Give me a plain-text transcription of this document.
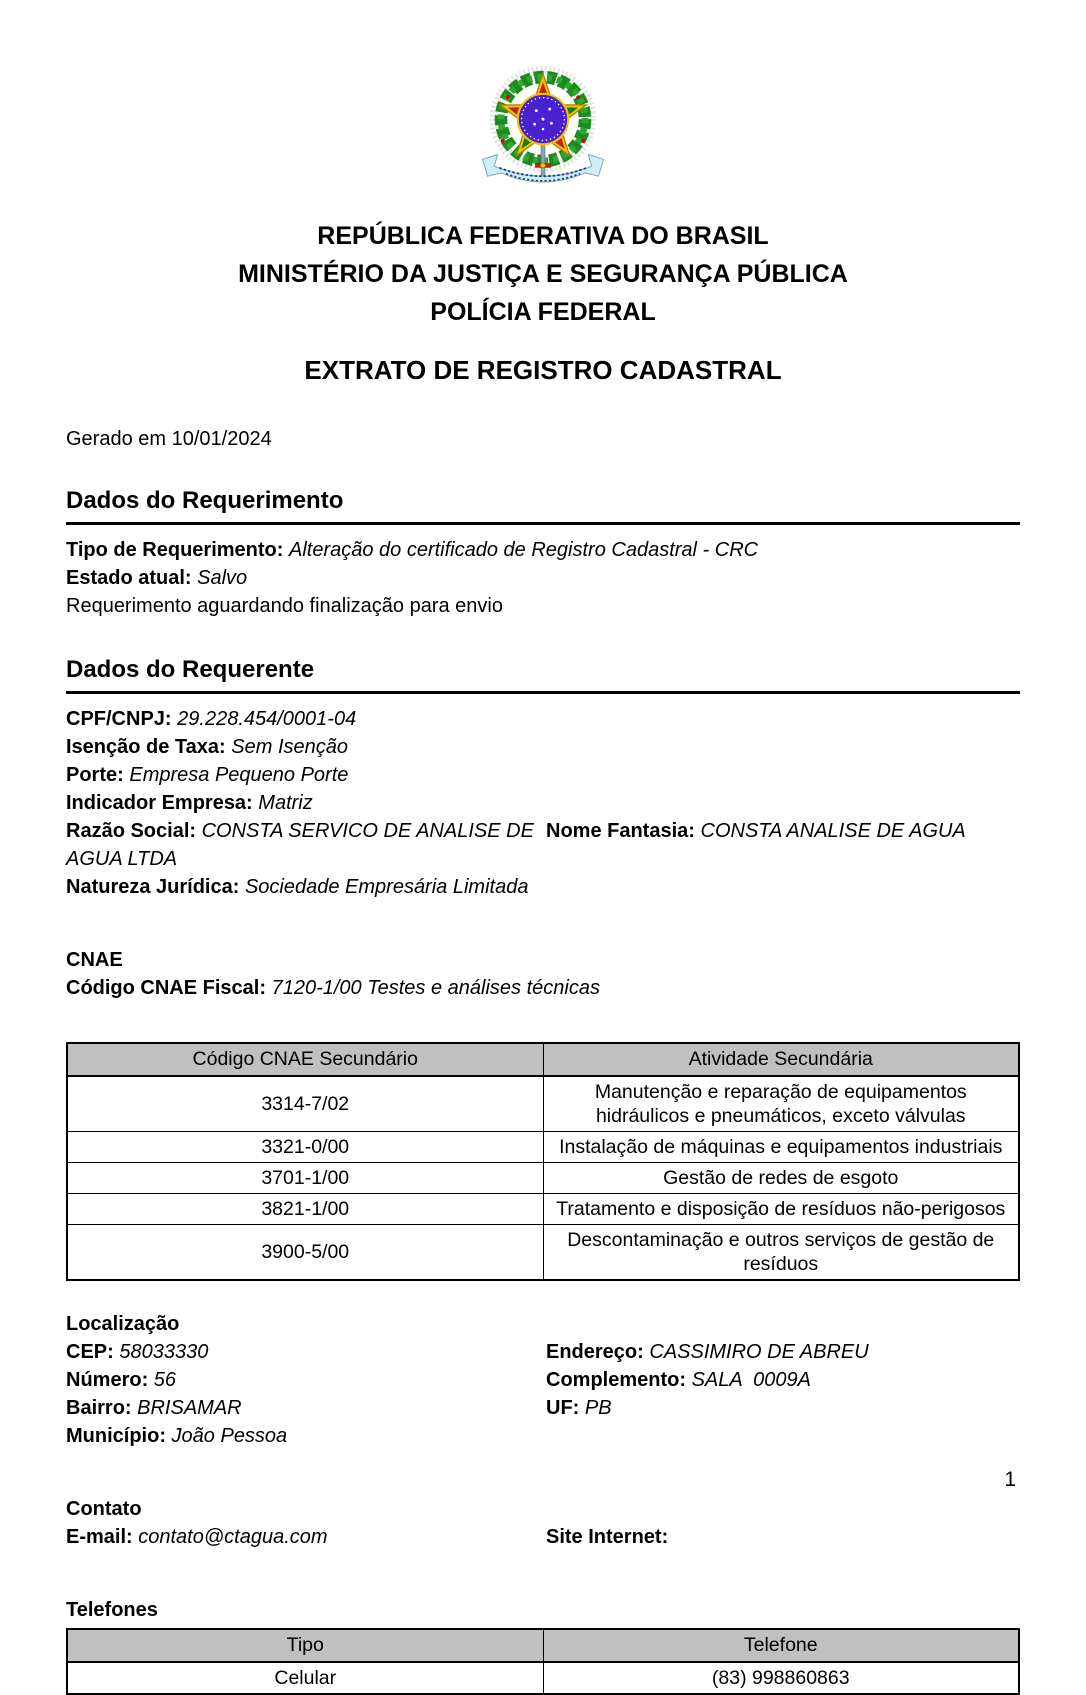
REPÚBLICA FEDERATIVA DO BRASIL
MINISTÉRIO DA JUSTIÇA E SEGURANÇA PÚBLICA
POLÍCIA FEDERAL
EXTRATO DE REGISTRO CADASTRAL
Gerado em 10/01/2024
Dados do Requerimento
Tipo de Requerimento: Alteração do certificado de Registro Cadastral - CRC
Estado atual: Salvo
Requerimento aguardando finalização para envio
Dados do Requerente
CPF/CNPJ: 29.228.454/0001-04
Isenção de Taxa: Sem Isenção
Porte: Empresa Pequeno Porte
Indicador Empresa: Matriz
Razão Social: CONSTA SERVICO DE ANALISE DE AGUA LTDA
Nome Fantasia: CONSTA ANALISE DE AGUA
Natureza Jurídica: Sociedade Empresária Limitada
CNAE
Código CNAE Fiscal: 7120-1/00 Testes e análises técnicas
Código CNAE Secundário	Atividade Secundária
3314-7/02	Manutenção e reparação de equipamentos hidráulicos e pneumáticos, exceto válvulas
3321-0/00	Instalação de máquinas e equipamentos industriais
3701-1/00	Gestão de redes de esgoto
3821-1/00	Tratamento e disposição de resíduos não-perigosos
3900-5/00	Descontaminação e outros serviços de gestão de resíduos
Localização
CEP: 58033330	Endereço: CASSIMIRO DE ABREU
Número: 56	Complemento: SALA  0009A
Bairro: BRISAMAR	UF: PB
Município: João Pessoa
Contato
E-mail: contato@ctagua.com	Site Internet:
Telefones
Tipo	Telefone
Celular	(83) 998860863
1
